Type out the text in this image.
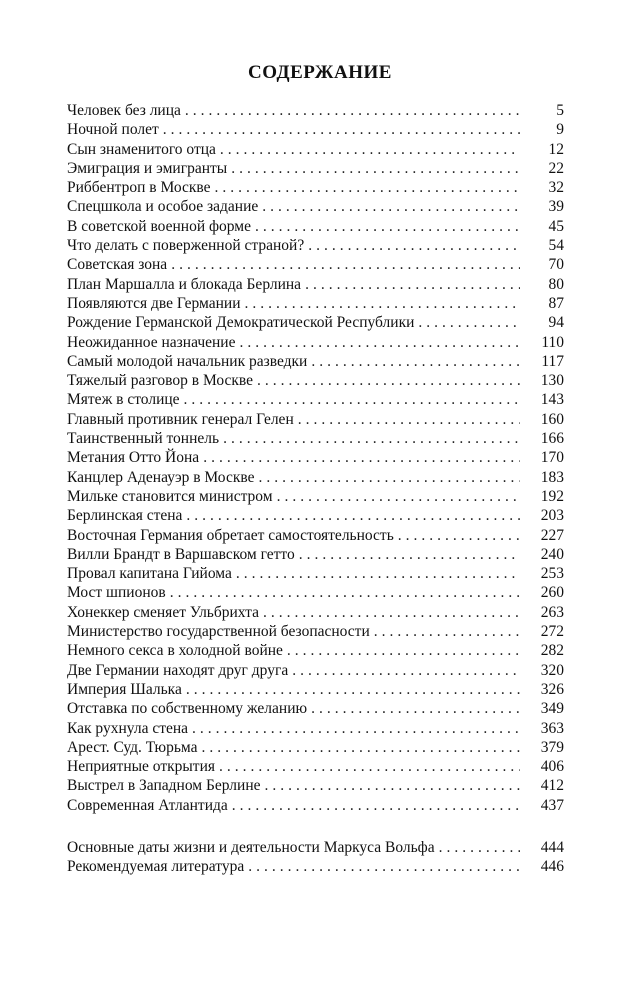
СОДЕРЖАНИЕ
Человек без лица .....	5
Ночной полет .....	9
Сын знаменитого отца .....	12
Эмиграция и эмигранты .....	22
Риббентроп в Москве .....	32
Спецшкола и особое задание .....	39
В советской военной форме .....	45
Что делать с поверженной страной? .....	54
Советская зона .....	70
План Маршалла и блокада Берлина .....	80
Появляются две Германии .....	87
Рождение Германской Демократической Республики .....	94
Неожиданное назначение .....	110
Самый молодой начальник разведки .....	117
Тяжелый разговор в Москве .....	130
Мятеж в столице .....	143
Главный противник генерал Гелен .....	160
Таинственный тоннель .....	166
Метания Отто Йона .....	170
Канцлер Аденауэр в Москве .....	183
Мильке становится министром .....	192
Берлинская стена .....	203
Восточная Германия обретает самостоятельность .....	227
Вилли Брандт в Варшавском гетто .....	240
Провал капитана Гийома .....	253
Мост шпионов .....	260
Хонеккер сменяет Ульбрихта .....	263
Министерство государственной безопасности .....	272
Немного секса в холодной войне .....	282
Две Германии находят друг друга .....	320
Империя Шалька .....	326
Отставка по собственному желанию .....	349
Как рухнула стена .....	363
Арест. Суд. Тюрьма .....	379
Неприятные открытия .....	406
Выстрел в Западном Берлине .....	412
Современная Атлантида .....	437
Основные даты жизни и деятельности Маркуса Вольфа .....	444
Рекомендуемая литература .....	446
